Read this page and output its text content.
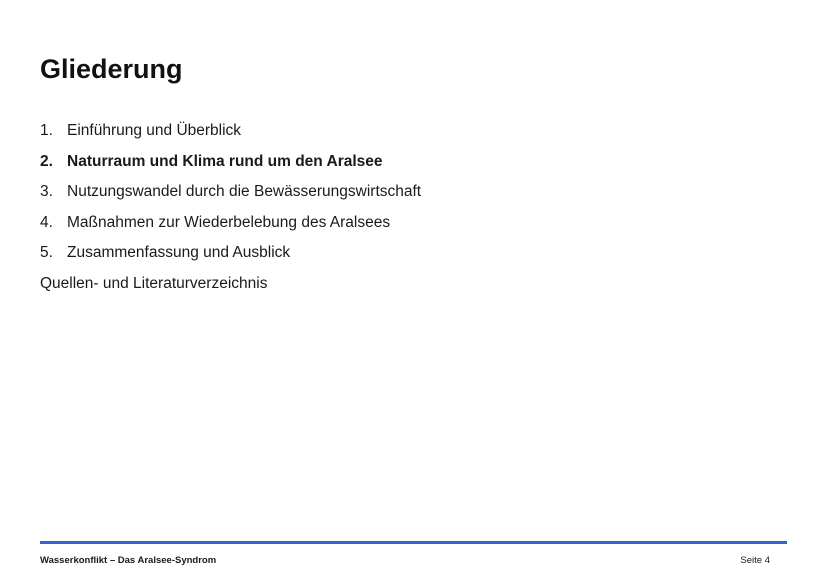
Gliederung
1. Einführung und Überblick
2. Naturraum und Klima rund um den Aralsee
3. Nutzungswandel durch die Bewässerungswirtschaft
4. Maßnahmen zur Wiederbelebung des Aralsees
5. Zusammenfassung und Ausblick
Quellen- und Literaturverzeichnis
Wasserkonflikt – Das Aralsee-Syndrom	Seite 4
